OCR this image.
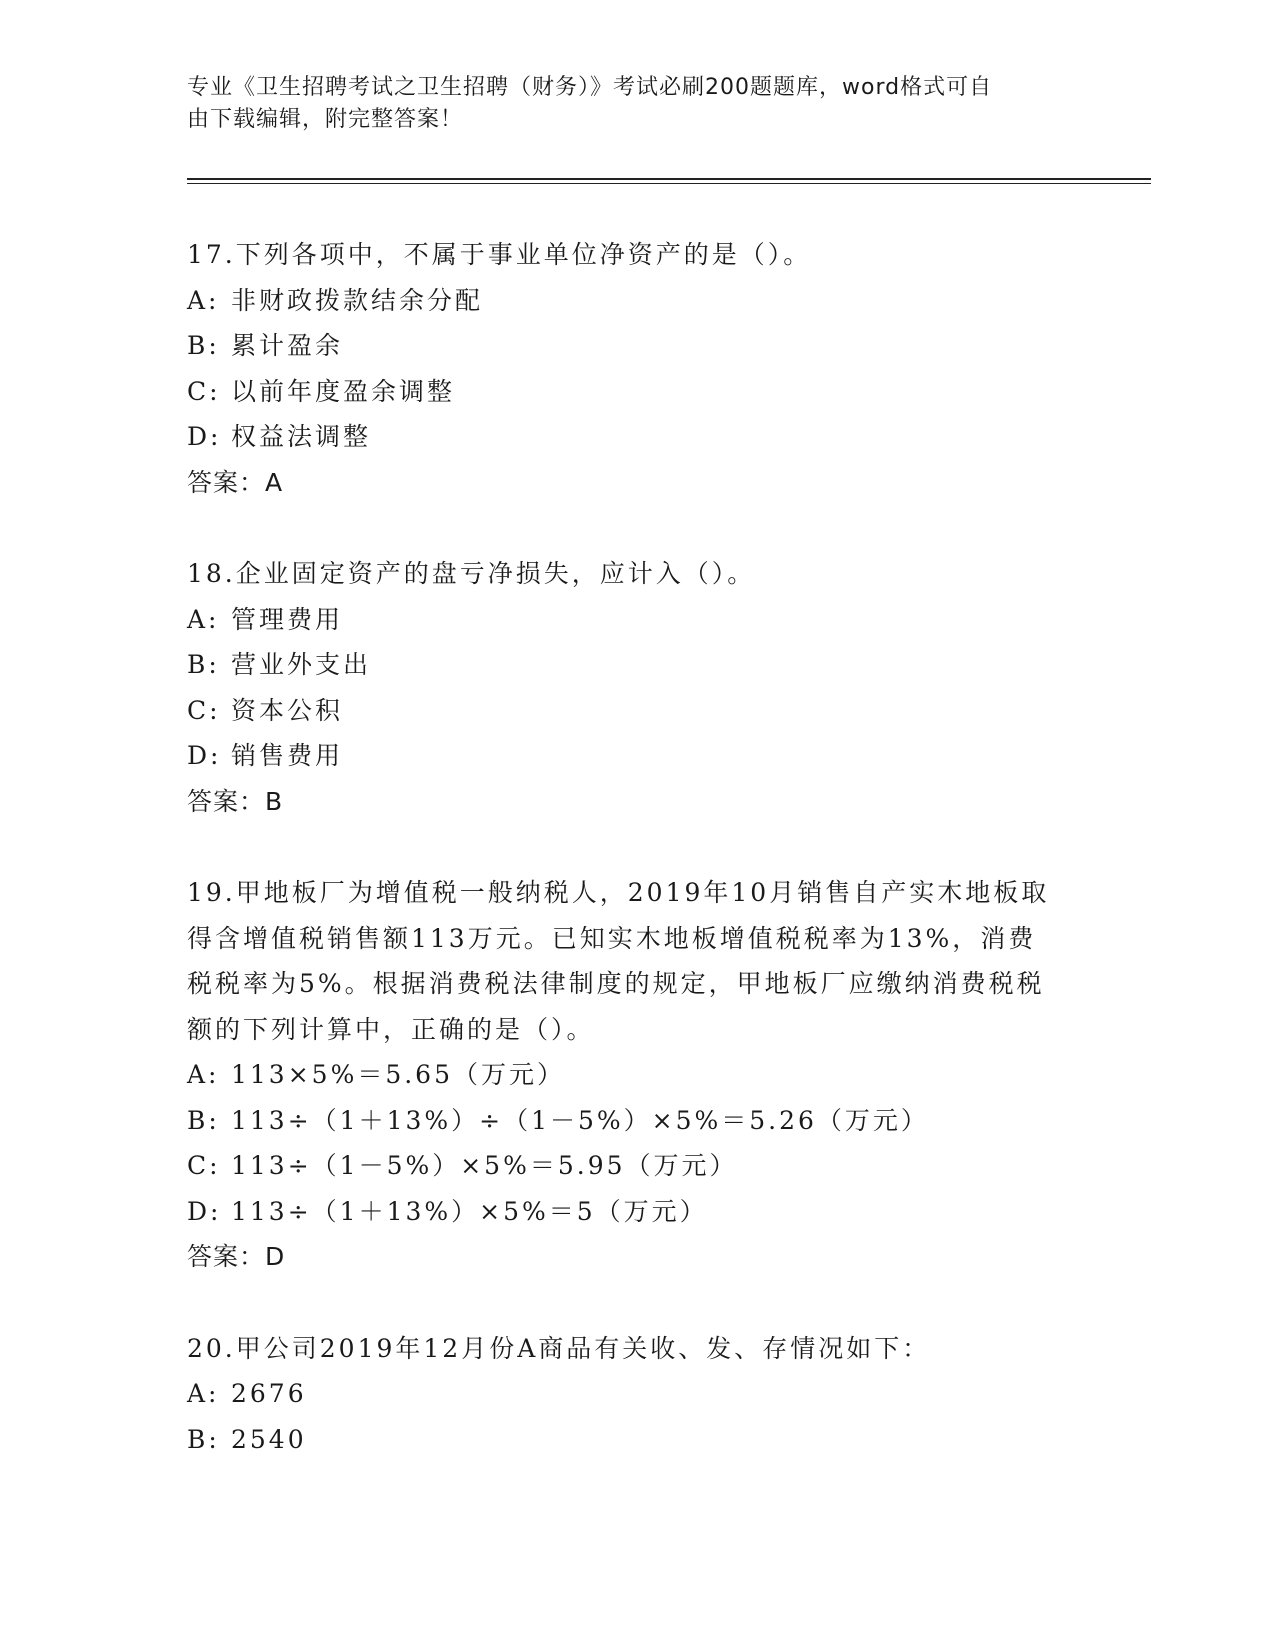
专业《卫生招聘考试之卫生招聘（财务）》考试必刷200题题库，word格式可自
由下载编辑，附完整答案！
17.下列各项中，不属于事业单位净资产的是（）。
A: 非财政拨款结余分配
B: 累计盈余
C: 以前年度盈余调整
D: 权益法调整
答案：A
18.企业固定资产的盘亏净损失，应计入（）。
A: 管理费用
B: 营业外支出
C: 资本公积
D: 销售费用
答案：B
19.甲地板厂为增值税一般纳税人，2019年10月销售自产实木地板取
得含增值税销售额113万元。已知实木地板增值税税率为13%，消费
税税率为5%。根据消费税法律制度的规定，甲地板厂应缴纳消费税税
额的下列计算中，正确的是（）。
A: 113×5%＝5.65（万元）
B: 113÷（1＋13%）÷（1－5%）×5%＝5.26（万元）
C: 113÷（1－5%）×5%＝5.95（万元）
D: 113÷（1＋13%）×5%＝5（万元）
答案：D
20.甲公司2019年12月份A商品有关收、发、存情况如下：
A: 2676
B: 2540
